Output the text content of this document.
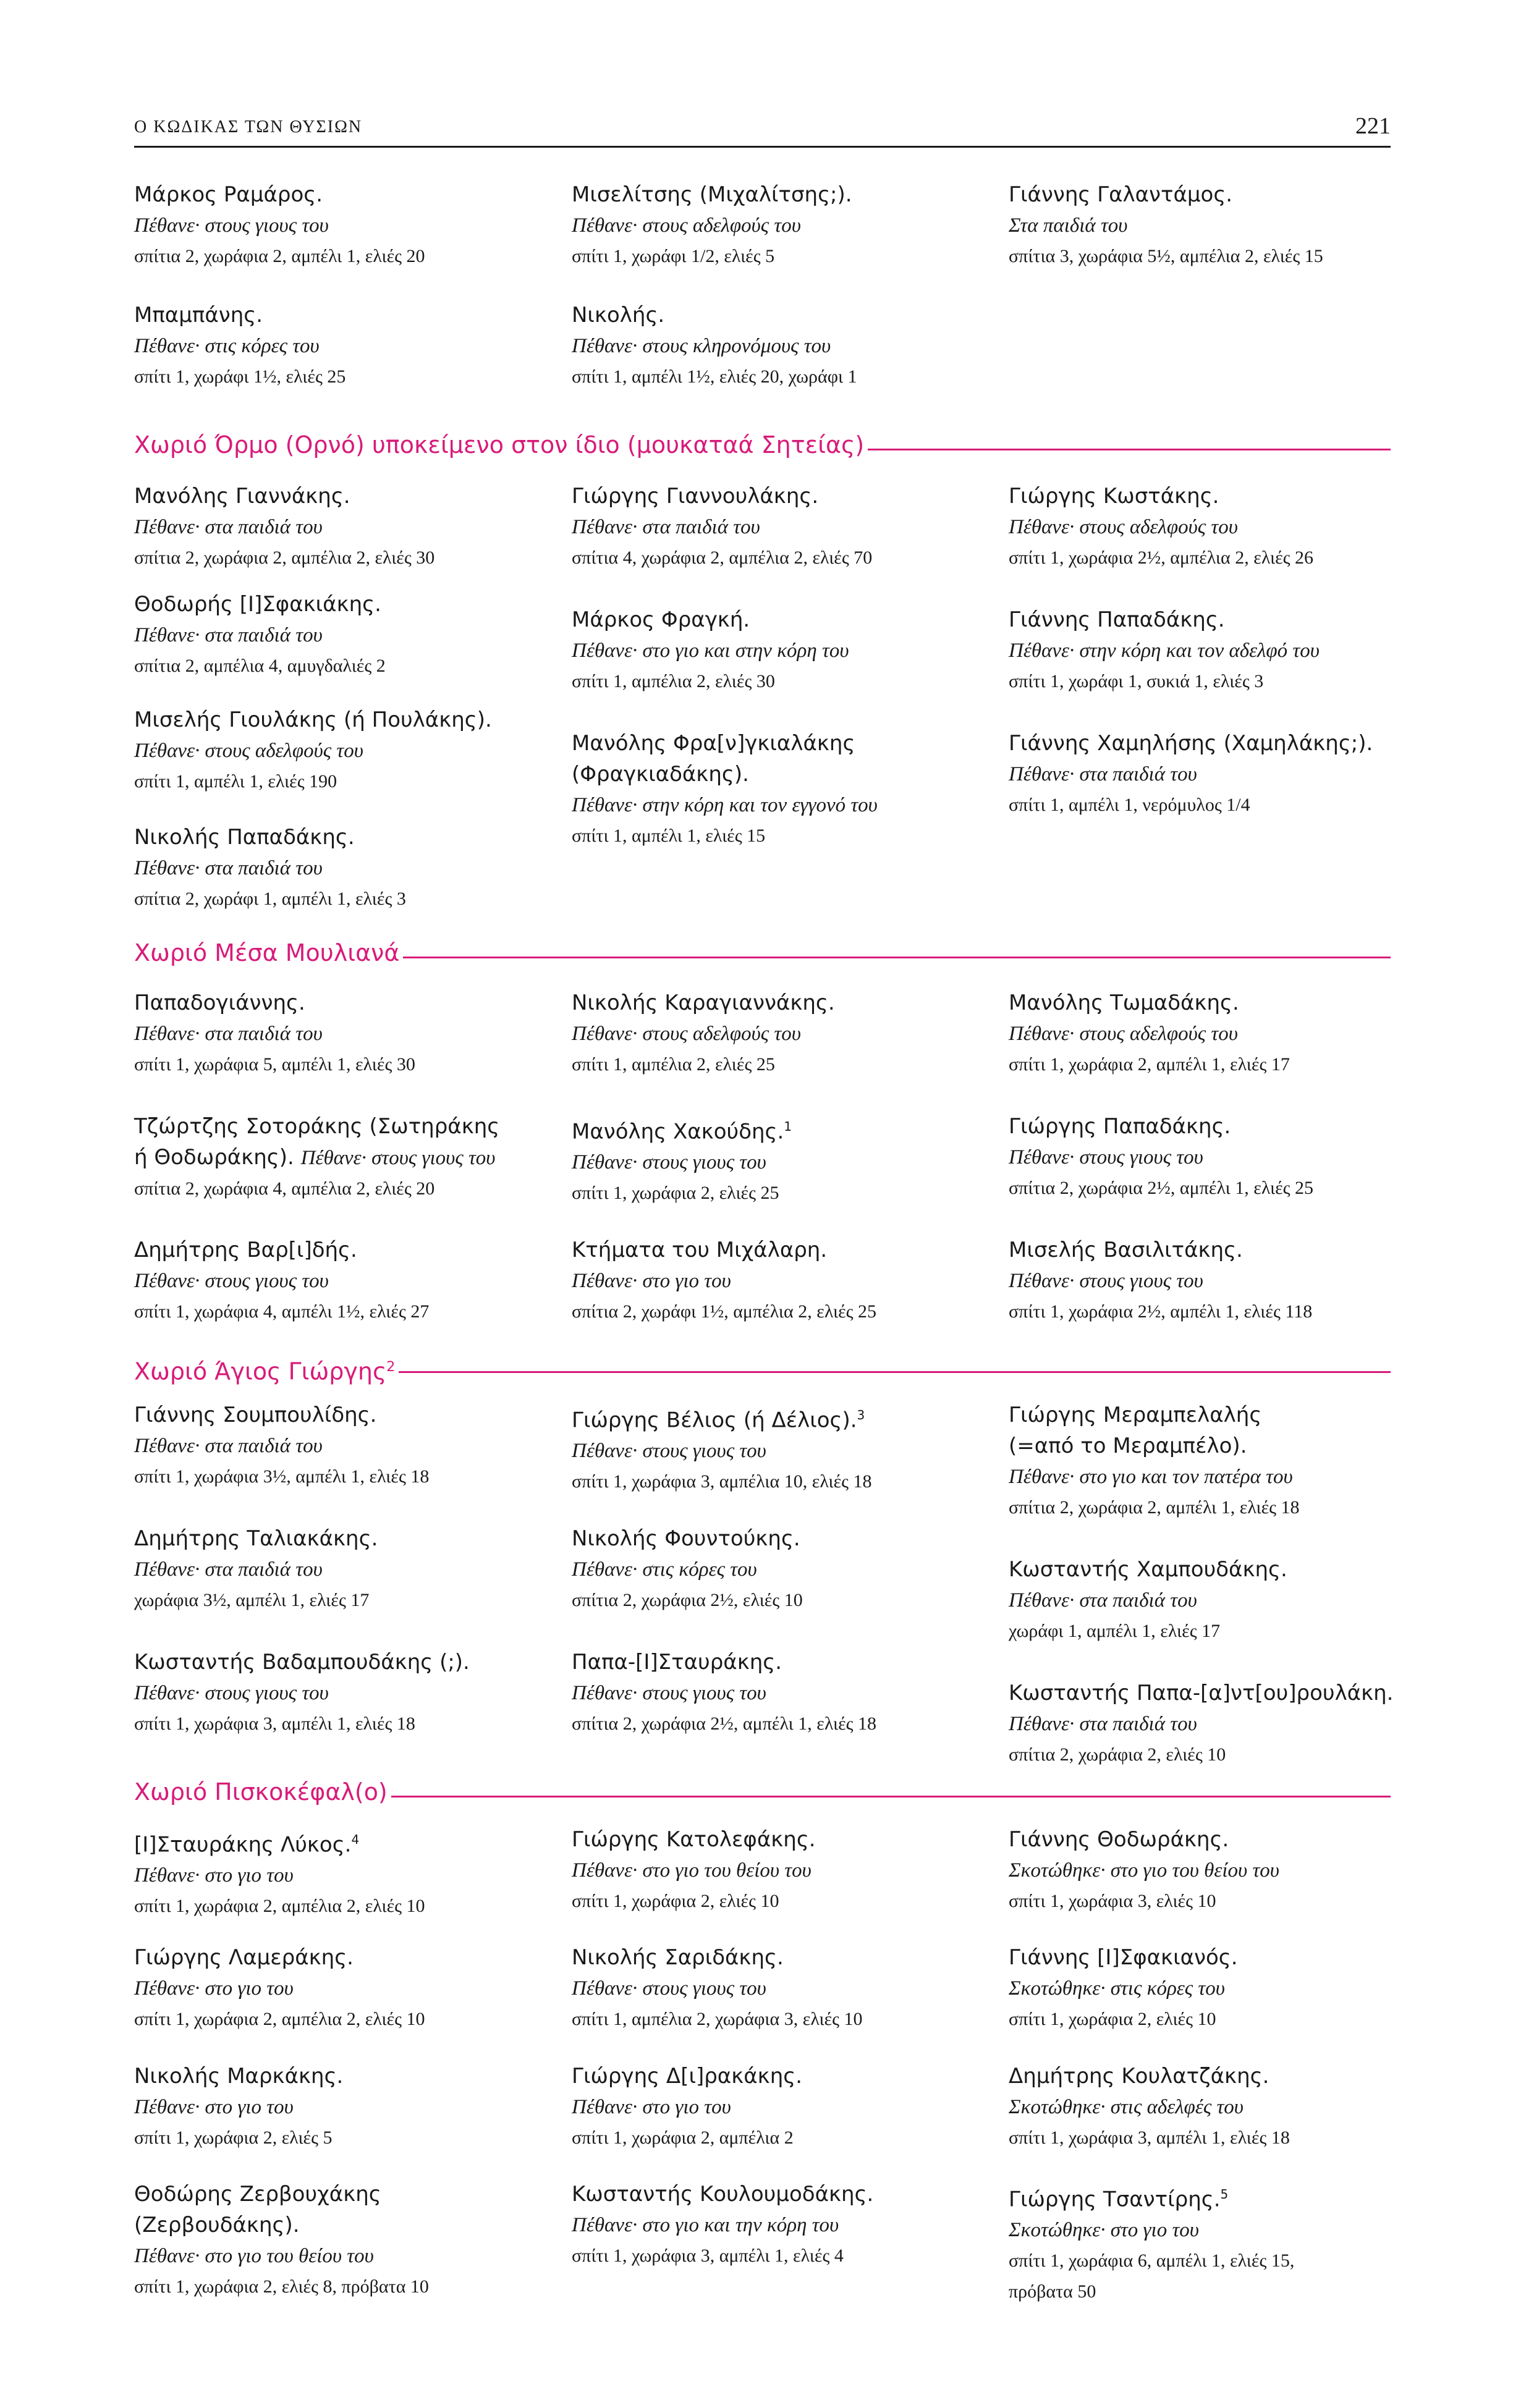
Ο ΚΩΔΙΚΑΣ ΤΩΝ ΘΥΣΙΩΝ	221
Μάρκος Ραμάρος.
Πέθανε· στους γιους του
σπίτια 2, χωράφια 2, αμπέλι 1, ελιές 20
Μπαμπάνης.
Πέθανε· στις κόρες του
σπίτι 1, χωράφι 1½, ελιές 25
Μισελίτσης (Μιχαλίτσης;).
Πέθανε· στους αδελφούς του
σπίτι 1, χωράφι 1/2, ελιές 5
Νικολής.
Πέθανε· στους κληρονόμους του
σπίτι 1, αμπέλι 1½, ελιές 20, χωράφι 1
Γιάννης Γαλαντάμος.
Στα παιδιά του
σπίτια 3, χωράφια 5½, αμπέλια 2, ελιές 15
Χωριό Όρμο (Ορνό) υποκείμενο στον ίδιο (μουκαταά Σητείας)
Μανόλης Γιαννάκης.
Πέθανε· στα παιδιά του
σπίτια 2, χωράφια 2, αμπέλια 2, ελιές 30
Θοδωρής [Ι]Σφακιάκης.
Πέθανε· στα παιδιά του
σπίτια 2, αμπέλια 4, αμυγδαλιές 2
Μισελής Γιουλάκης (ή Πουλάκης).
Πέθανε· στους αδελφούς του
σπίτι 1, αμπέλι 1, ελιές 190
Νικολής Παπαδάκης.
Πέθανε· στα παιδιά του
σπίτια 2, χωράφι 1, αμπέλι 1, ελιές 3
Γιώργης Γιαννουλάκης.
Πέθανε· στα παιδιά του
σπίτια 4, χωράφια 2, αμπέλια 2, ελιές 70
Μάρκος Φραγκή.
Πέθανε· στο γιο και στην κόρη του
σπίτι 1, αμπέλια 2, ελιές 30
Μανόλης Φρα[ν]γκιαλάκης
(Φραγκιαδάκης).
Πέθανε· στην κόρη και τον εγγονό του
σπίτι 1, αμπέλι 1, ελιές 15
Γιώργης Κωστάκης.
Πέθανε· στους αδελφούς του
σπίτι 1, χωράφια 2½, αμπέλια 2, ελιές 26
Γιάννης Παπαδάκης.
Πέθανε· στην κόρη και τον αδελφό του
σπίτι 1, χωράφι 1, συκιά 1, ελιές 3
Γιάννης Χαμηλήσης (Χαμηλάκης;).
Πέθανε· στα παιδιά του
σπίτι 1, αμπέλι 1, νερόμυλος 1/4
Χωριό Μέσα Μουλιανά
Παπαδογιάννης.
Πέθανε· στα παιδιά του
σπίτι 1, χωράφια 5, αμπέλι 1, ελιές 30
Τζώρτζης Σοτοράκης (Σωτηράκης
ή Θοδωράκης). Πέθανε· στους γιους του
σπίτια 2, χωράφια 4, αμπέλια 2, ελιές 20
Δημήτρης Βαρ[ι]δής.
Πέθανε· στους γιους του
σπίτι 1, χωράφια 4, αμπέλι 1½, ελιές 27
Νικολής Καραγιαννάκης.
Πέθανε· στους αδελφούς του
σπίτι 1, αμπέλια 2, ελιές 25
Μανόλης Χακούδης.$^1$
Πέθανε· στους γιους του
σπίτι 1, χωράφια 2, ελιές 25
Κτήματα του Μιχάλαρη.
Πέθανε· στο γιο του
σπίτια 2, χωράφι 1½, αμπέλια 2, ελιές 25
Μανόλης Τωμαδάκης.
Πέθανε· στους αδελφούς του
σπίτι 1, χωράφια 2, αμπέλι 1, ελιές 17
Γιώργης Παπαδάκης.
Πέθανε· στους γιους του
σπίτια 2, χωράφια 2½, αμπέλι 1, ελιές 25
Μισελής Βασιλιτάκης.
Πέθανε· στους γιους του
σπίτι 1, χωράφια 2½, αμπέλι 1, ελιές 118
Χωριό Άγιος Γιώργης$^2$
Γιάννης Σουμπουλίδης.
Πέθανε· στα παιδιά του
σπίτι 1, χωράφια 3½, αμπέλι 1, ελιές 18
Δημήτρης Ταλιακάκης.
Πέθανε· στα παιδιά του
χωράφια 3½, αμπέλι 1, ελιές 17
Κωσταντής Βαδαμπουδάκης (;).
Πέθανε· στους γιους του
σπίτι 1, χωράφια 3, αμπέλι 1, ελιές 18
Γιώργης Βέλιος (ή Δέλιος).$^3$
Πέθανε· στους γιους του
σπίτι 1, χωράφια 3, αμπέλια 10, ελιές 18
Νικολής Φουντούκης.
Πέθανε· στις κόρες του
σπίτια 2, χωράφια 2½, ελιές 10
Παπα-[Ι]Σταυράκης.
Πέθανε· στους γιους του
σπίτια 2, χωράφια 2½, αμπέλι 1, ελιές 18
Γιώργης Μεραμπελαλής
(=από το Μεραμπέλο).
Πέθανε· στο γιο και τον πατέρα του
σπίτια 2, χωράφια 2, αμπέλι 1, ελιές 18
Κωσταντής Χαμπουδάκης.
Πέθανε· στα παιδιά του
χωράφι 1, αμπέλι 1, ελιές 17
Κωσταντής Παπα-[α]ντ[ου]ρουλάκη.
Πέθανε· στα παιδιά του
σπίτια 2, χωράφια 2, ελιές 10
Χωριό Πισκοκέφαλ(ο)
[Ι]Σταυράκης Λύκος.$^4$
Πέθανε· στο γιο του
σπίτι 1, χωράφια 2, αμπέλια 2, ελιές 10
Γιώργης Λαμεράκης.
Πέθανε· στο γιο του
σπίτι 1, χωράφια 2, αμπέλια 2, ελιές 10
Νικολής Μαρκάκης.
Πέθανε· στο γιο του
σπίτι 1, χωράφια 2, ελιές 5
Θοδώρης Ζερβουχάκης
(Ζερβουδάκης).
Πέθανε· στο γιο του θείου του
σπίτι 1, χωράφια 2, ελιές 8, πρόβατα 10
Γιώργης Κατολεφάκης.
Πέθανε· στο γιο του θείου του
σπίτι 1, χωράφια 2, ελιές 10
Νικολής Σαριδάκης.
Πέθανε· στους γιους του
σπίτι 1, αμπέλια 2, χωράφια 3, ελιές 10
Γιώργης Δ[ι]ρακάκης.
Πέθανε· στο γιο του
σπίτι 1, χωράφια 2, αμπέλια 2
Κωσταντής Κουλουμοδάκης.
Πέθανε· στο γιο και την κόρη του
σπίτι 1, χωράφια 3, αμπέλι 1, ελιές 4
Γιάννης Θοδωράκης.
Σκοτώθηκε· στο γιο του θείου του
σπίτι 1, χωράφια 3, ελιές 10
Γιάννης [Ι]Σφακιανός.
Σκοτώθηκε· στις κόρες του
σπίτι 1, χωράφια 2, ελιές 10
Δημήτρης Κουλατζάκης.
Σκοτώθηκε· στις αδελφές του
σπίτι 1, χωράφια 3, αμπέλι 1, ελιές 18
Γιώργης Τσαντίρης.$^5$
Σκοτώθηκε· στο γιο του
σπίτι 1, χωράφια 6, αμπέλι 1, ελιές 15,
πρόβατα 50
